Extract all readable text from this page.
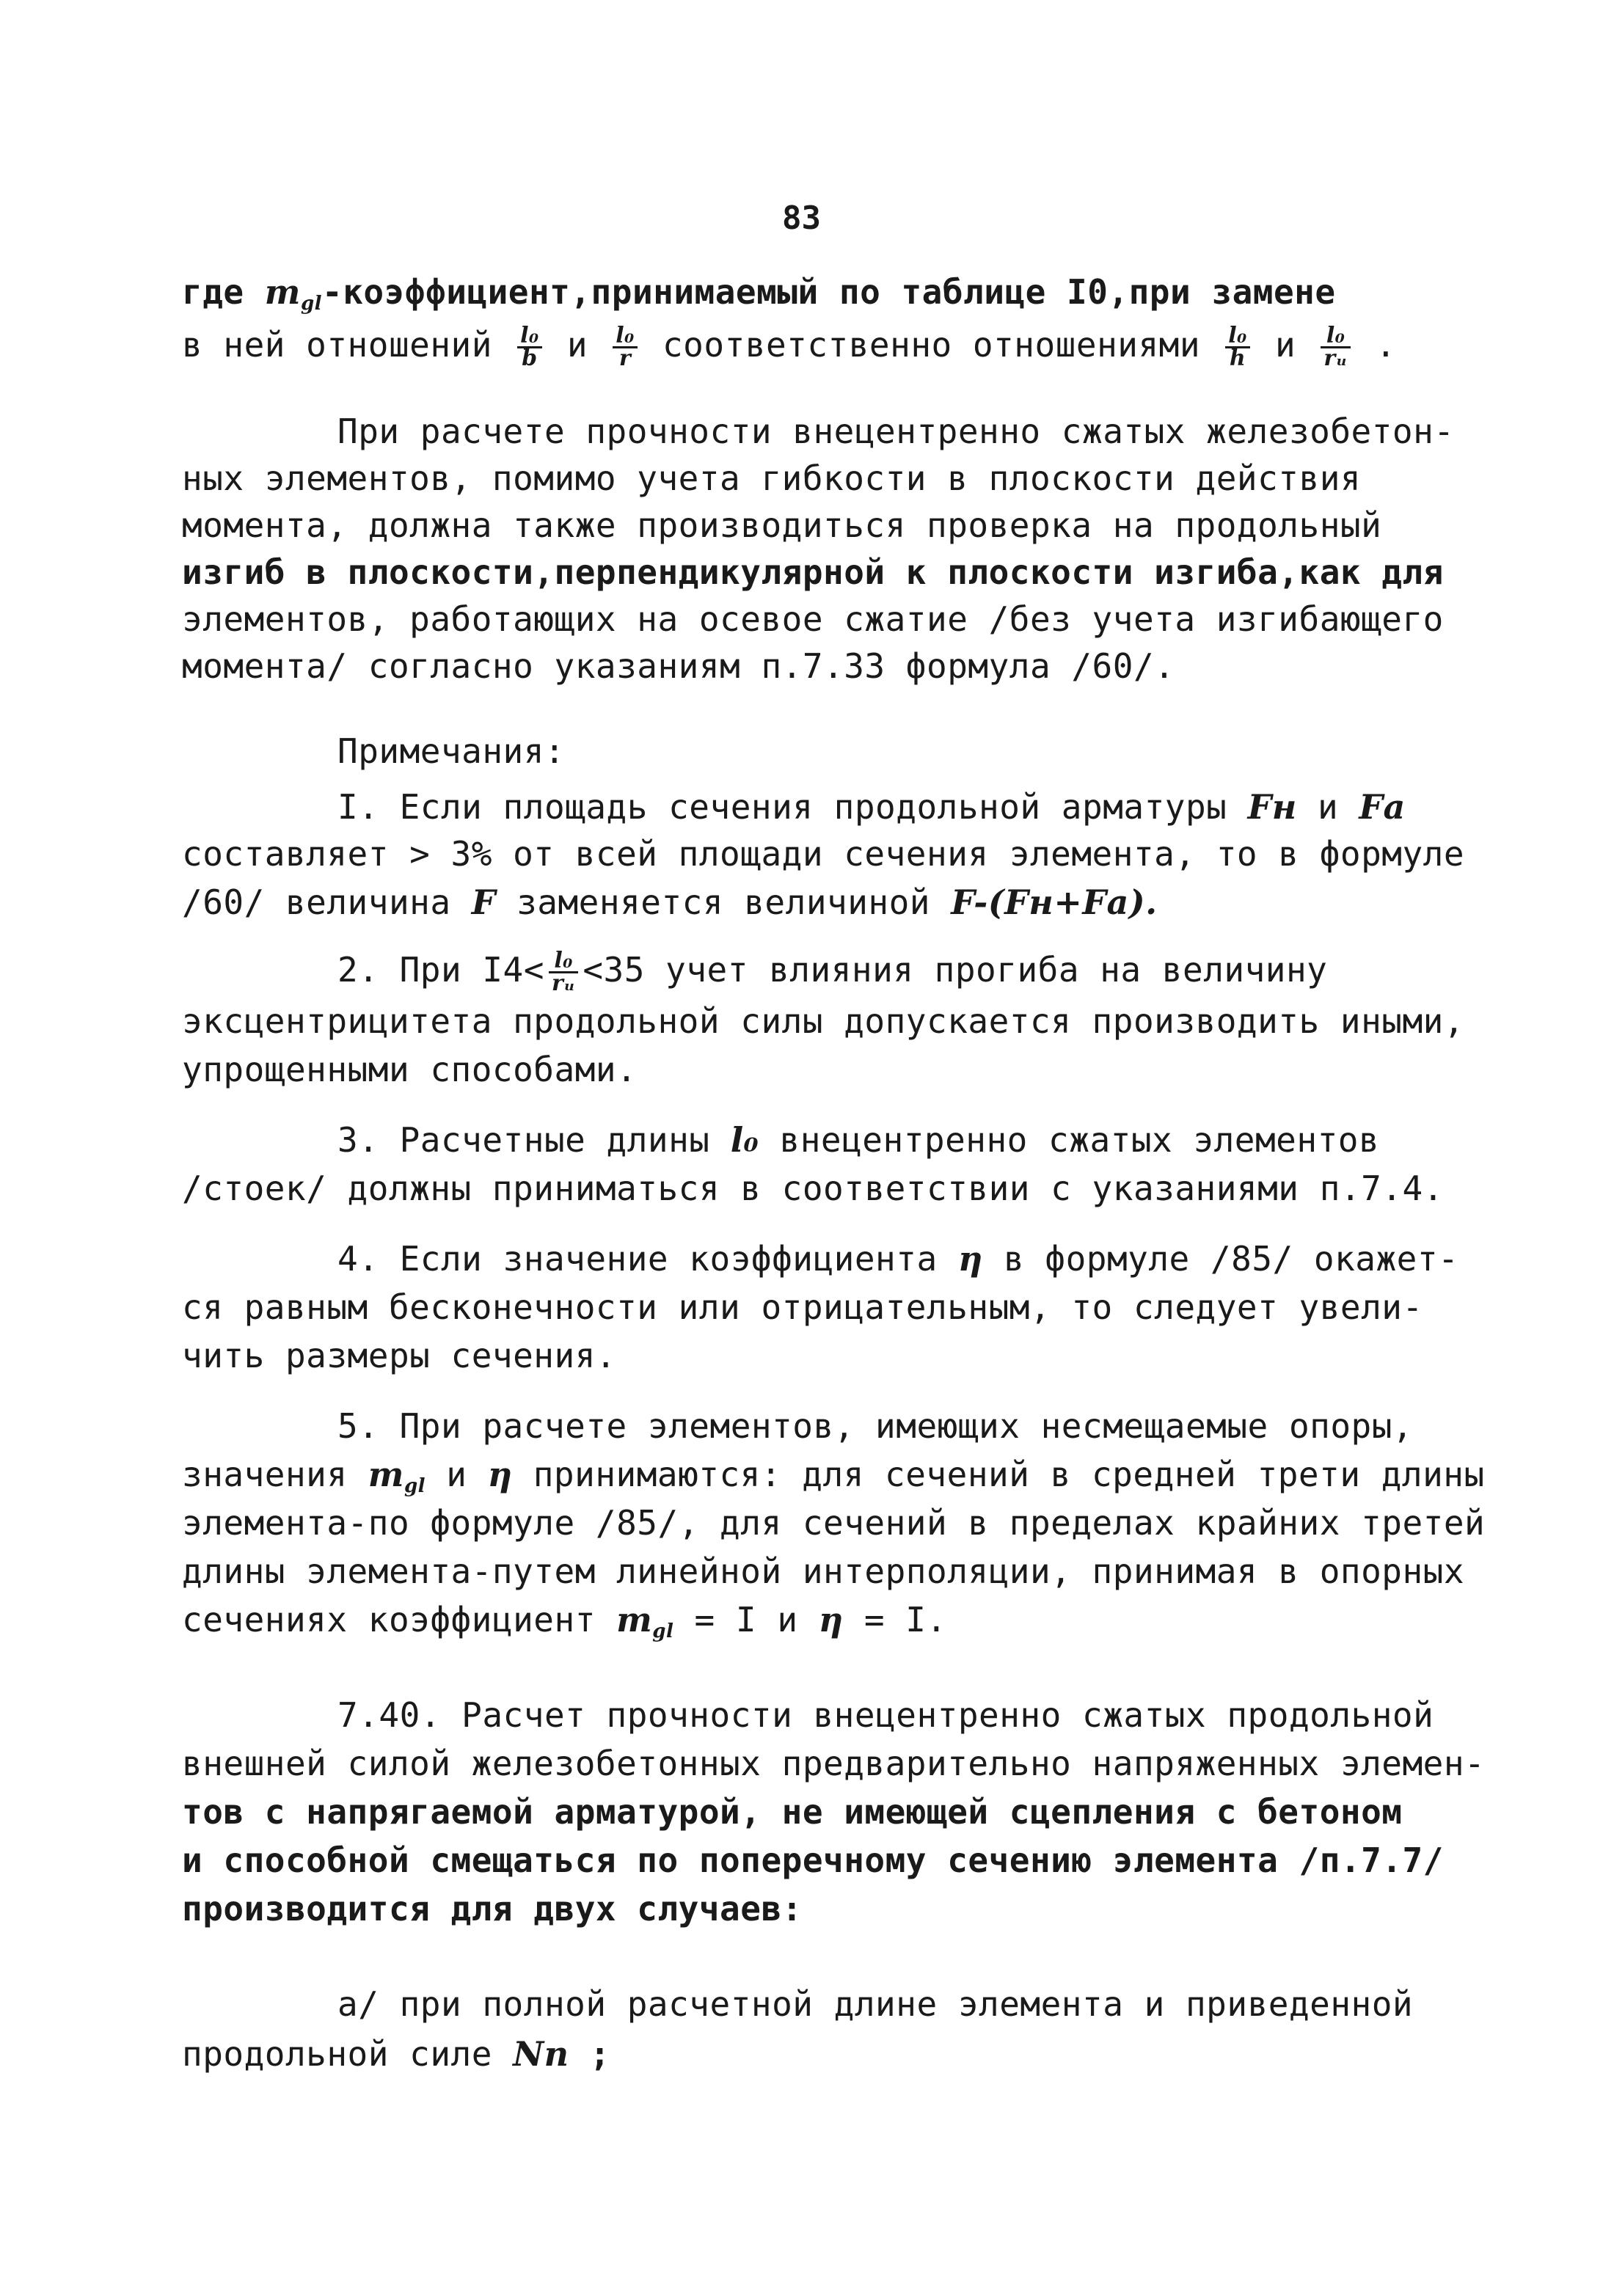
83
где $m_{gl}-коэффициент,принимаемый$ по таблице I0,при замене
в ней отношений $\frac{\text{l₀}}{b}$ и $\frac{\text{l₀}}{r}$ соответственно отношениями $\frac{\text{l₀}}{h}$ и $\frac{\text{l₀}}{\text{rᵤ}}$ .
При расчете прочности внецентренно сжатых железобетон-
ных элементов, помимо учета гибкости в плоскости действия
момента, должна также производиться проверка на продольный
изгиб в плоскости,перпендикулярной к плоскости изгиба,как для
элементов, работающих на осевое сжатие /без учета изгибающего
момента/ согласно указаниям п.7.33 формула /60/.
Примечания:
I. Если площадь сечения продольной арматуры Fн и Fа
составляет > 3% от всей площади сечения элемента, то в формуле
/60/ величина F заменяется величиной F-(Fн+Fа).
2. При $I4< \frac{\text{l₀}}{\text{rᵤ}} <35$ учет влияния прогиба на величину
эксцентрицитета продольной силы допускается производить иными,
упрощенными способами.
3. Расчетные длины l₀ внецентренно сжатых элементов
/стоек/ должны приниматься в соответствии с указаниями п.7.4.
4. Если значение коэффициента η в формуле /85/ окажет-
ся равным бесконечности или отрицательным, то следует увели-
чить размеры сечения.
5. При расчете элементов, имеющих несмещаемые опоры,
значения $m_{gl}$ и η принимаются: для сечений в средней трети длины
элемента-по формуле /85/, для сечений в пределах крайних третей
длины элемента-путем линейной интерполяции, принимая в опорных
сечениях коэффициент $m_{gl} = I$ и η = I.
7.40. Расчет прочности внецентренно сжатых продольной
внешней силой железобетонных предварительно напряженных элемен-
тов с напрягаемой арматурой, не имеющей сцепления с бетоном
и способной смещаться по поперечному сечению элемента /п.7.7/
производится для двух случаев:
а/ при полной расчетной длине элемента и приведенной
продольной силе Nп ;
